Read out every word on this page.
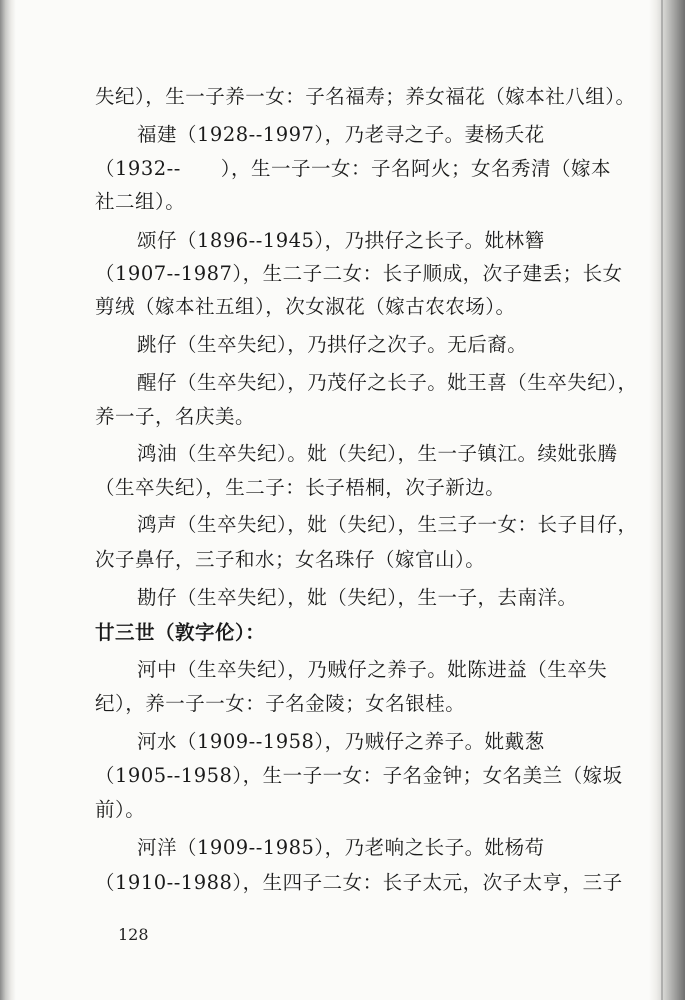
失纪），生一子养一女：子名福寿；养女福花（嫁本社八组）。
福建（1928--1997），乃老寻之子。妻杨夭花
（1932--　　），生一子一女：子名阿火；女名秀清（嫁本
社二组）。
颂仔（1896--1945），乃拱仔之长子。妣林簪
（1907--1987），生二子二女：长子顺成，次子建丢；长女
剪绒（嫁本社五组），次女淑花（嫁古农农场）。
跳仔（生卒失纪），乃拱仔之次子。无后裔。
醒仔（生卒失纪），乃茂仔之长子。妣王喜（生卒失纪），
养一子，名庆美。
鸿油（生卒失纪）。妣（失纪），生一子镇江。续妣张腾
（生卒失纪），生二子：长子梧桐，次子新边。
鸿声（生卒失纪），妣（失纪），生三子一女：长子目仔，
次子鼻仔，三子和水；女名珠仔（嫁官山）。
勘仔（生卒失纪），妣（失纪），生一子，去南洋。
廿三世（敦字伦）：
河中（生卒失纪），乃贼仔之养子。妣陈进益（生卒失
纪），养一子一女：子名金陵；女名银桂。
河水（1909--1958），乃贼仔之养子。妣戴葱
（1905--1958），生一子一女：子名金钟；女名美兰（嫁坂
前）。
河洋（1909--1985），乃老响之长子。妣杨苟
（1910--1988），生四子二女：长子太元，次子太亨，三子
128
